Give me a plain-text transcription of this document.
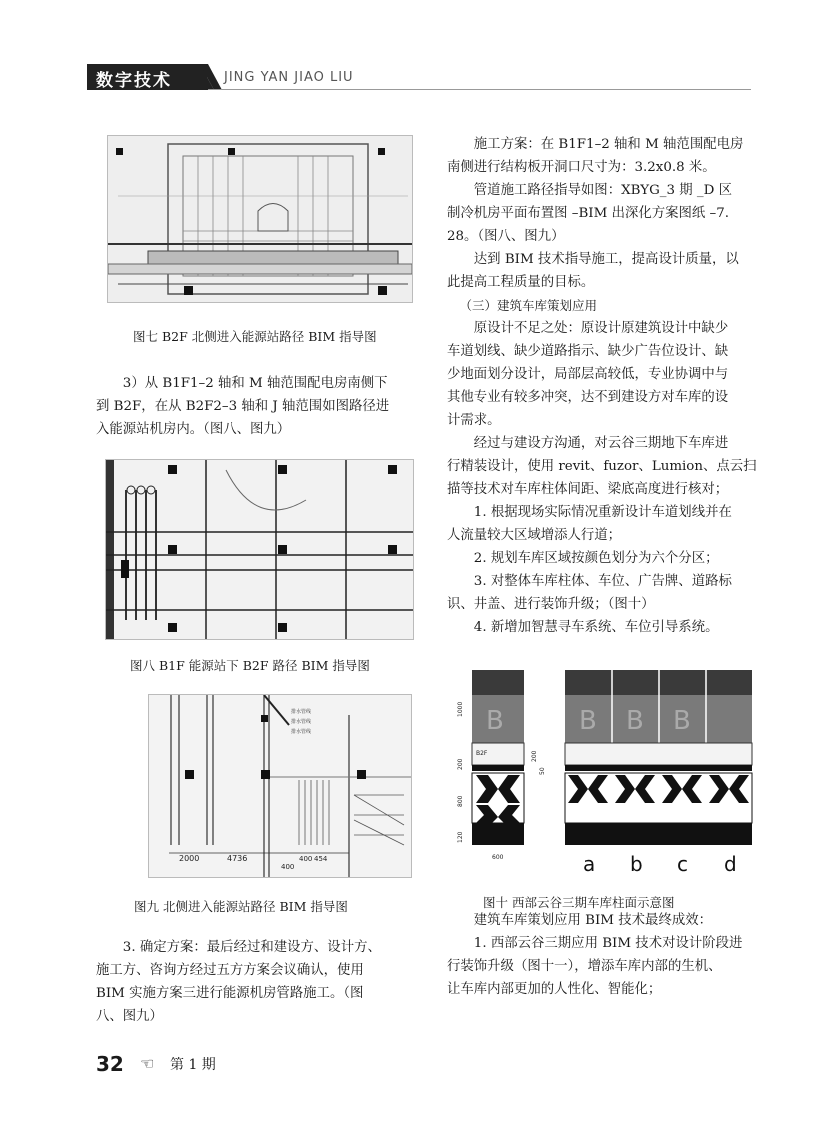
数字技术	JING YAN JIAO LIU
图七 B2F 北侧进入能源站路径 BIM 指导图
3）从 B1F1–2 轴和 M 轴范围配电房南侧下
到 B2F，在从 B2F2–3 轴和 J 轴范围如图路径进
入能源站机房内。（图八、图九）
图八 B1F 能源站下 B2F 路径 BIM 指导图
排水管线
排水管线
排水管线
2000	4736
400
400 454
图九 北侧进入能源站路径 BIM 指导图
3. 确定方案：最后经过和建设方、设计方、
施工方、咨询方经过五方方案会议确认，使用
BIM 实施方案三进行能源机房管路施工。（图
八、图九）
施工方案：在 B1F1–2 轴和 M 轴范围配电房
南侧进行结构板开洞口尺寸为：3.2x0.8 米。
管道施工路径指导如图：XBYG_3 期 _D 区
制冷机房平面布置图 –BIM 出深化方案图纸 –7.
28。（图八、图九）
达到 BIM 技术指导施工，提高设计质量，以
此提高工程质量的目标。
（三）建筑车库策划应用
原设计不足之处：原设计原建筑设计中缺少
车道划线、缺少道路指示、缺少广告位设计、缺
少地面划分设计，局部层高较低，专业协调中与
其他专业有较多冲突，达不到建设方对车库的设
计需求。
经过与建设方沟通，对云谷三期地下车库进
行精装设计，使用 revit、fuzor、Lumion、点云扫
描等技术对车库柱体间距、梁底高度进行核对；
1. 根据现场实际情况重新设计车道划线并在
人流量较大区域增添人行道；
2. 规划车库区域按颜色划分为六个分区；
3. 对整体车库柱体、车位、广告牌、道路标
识、井盖、进行装饰升级；（图十）
4. 新增加智慧寻车系统、车位引导系统。
B
1000
200
200
50
800
120
600
B2F
B B B
a b c d
图十 西部云谷三期车库柱面示意图
建筑车库策划应用 BIM 技术最终成效：
1. 西部云谷三期应用 BIM 技术对设计阶段进
行装饰升级（图十一），增添车库内部的生机、
让车库内部更加的人性化、智能化；
32 ☜ 第 1 期
